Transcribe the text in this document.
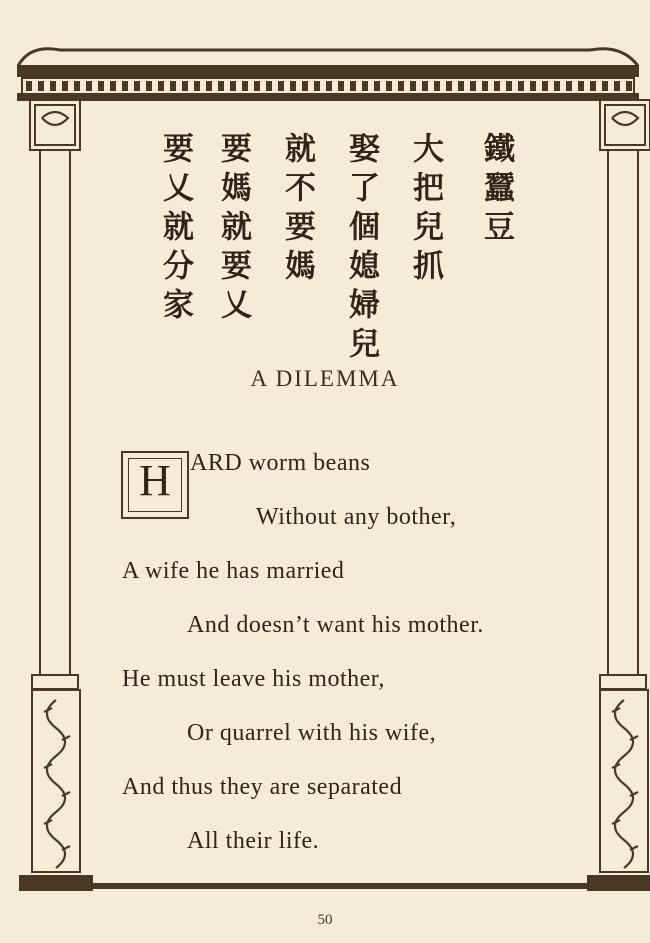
鐵蠶豆
大把兒抓
娶了個媳婦兒
就不要媽
要媽就要乂
要乂就分家
A DILEMMA
H ARD worm beans
Without any bother,
A wife he has married
And doesn’t want his mother.
He must leave his mother,
Or quarrel with his wife,
And thus they are separated
All their life.
50
